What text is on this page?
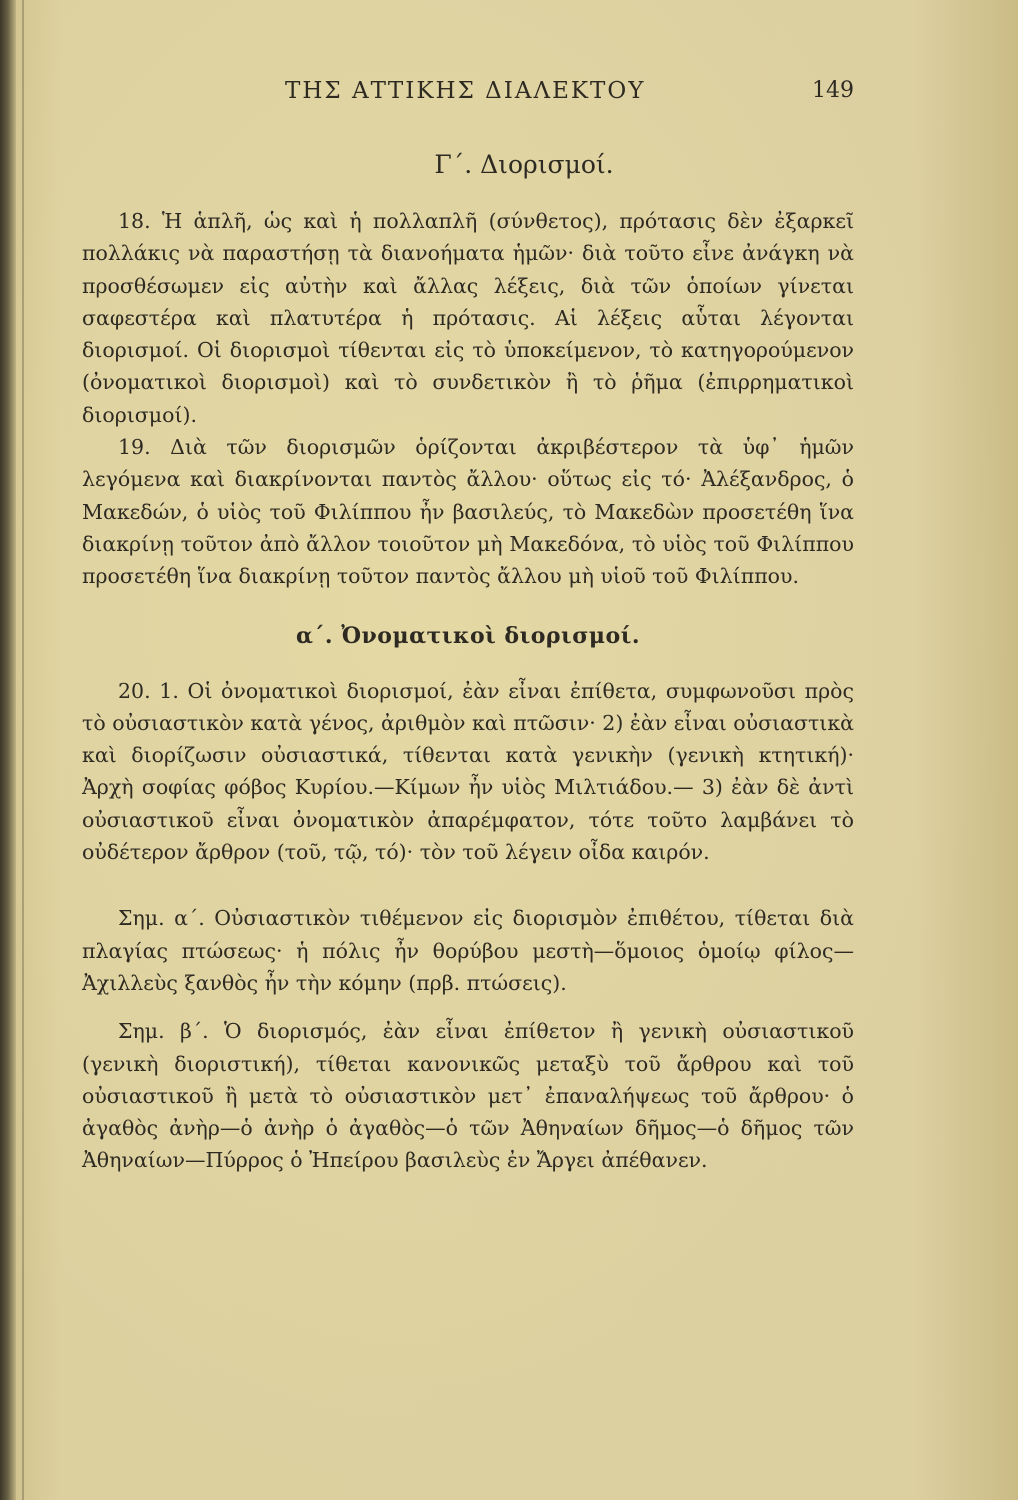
ΤΗΣ ΑΤΤΙΚΗΣ ΔΙΑΛΕΚΤΟΥ	149
Γ΄. Διορισμοί.

18. Ἡ ἁπλῆ, ὡς καὶ ἡ πολλαπλῆ (σύνθετος), πρότασις δὲν ἐξαρκεῖ πολλάκις νὰ παραστήσῃ τὰ διανοήματα ἡμῶν· διὰ τοῦτο εἶνε ἀνάγκη νὰ προσθέσωμεν εἰς αὐτὴν καὶ ἄλλας λέξεις, διὰ τῶν ὁποίων γίνεται σαφεστέρα καὶ πλατυτέρα ἡ πρότασις. Αἱ λέξεις αὗται λέγονται διορισμοί. Οἱ διορισμοὶ τίθενται εἰς τὸ ὑποκείμενον, τὸ κατηγορούμενον (ὀνοματικοὶ διορισμοὶ) καὶ τὸ συνδετικὸν ἢ τὸ ῥῆμα (ἐπιρρηματικοὶ διορισμοί).

19. Διὰ τῶν διορισμῶν ὁρίζονται ἀκριβέστερον τὰ ὑφ᾽ ἡμῶν λεγόμενα καὶ διακρίνονται παντὸς ἄλλου· οὕτως εἰς τό· Ἀλέξανδρος, ὁ Μακεδών, ὁ υἱὸς τοῦ Φιλίππου ἦν βασιλεύς, τὸ Μακεδὼν προσετέθη ἵνα διακρίνῃ τοῦτον ἀπὸ ἄλλον τοιοῦτον μὴ Μακεδόνα, τὸ υἱὸς τοῦ Φιλίππου προσετέθη ἵνα διακρίνῃ τοῦτον παντὸς ἄλλου μὴ υἱοῦ τοῦ Φιλίππου.

α΄. Ὀνοματικοὶ διορισμοί.

20. 1. Οἱ ὀνοματικοὶ διορισμοί, ἐὰν εἶναι ἐπίθετα, συμφωνοῦσι πρὸς τὸ οὐσιαστικὸν κατὰ γένος, ἀριθμὸν καὶ πτῶσιν· 2) ἐὰν εἶναι οὐσιαστικὰ καὶ διορίζωσιν οὐσιαστικά, τίθενται κατὰ γενικὴν (γενικὴ κτητική)· Ἀρχὴ σοφίας φόβος Κυρίου.—Κίμων ἦν υἱὸς Μιλτιάδου.— 3) ἐὰν δὲ ἀντὶ οὐσιαστικοῦ εἶναι ὀνοματικὸν ἀπαρέμφατον, τότε τοῦτο λαμβάνει τὸ οὐδέτερον ἄρθρον (τοῦ, τῷ, τό)· τὸν τοῦ λέγειν οἶδα καιρόν.

Σημ. α΄. Οὐσιαστικὸν τιθέμενον εἰς διορισμὸν ἐπιθέτου, τίθεται διὰ πλαγίας πτώσεως· ἡ πόλις ἦν θορύβου μεστὴ—ὅμοιος ὁμοίῳ φίλος—Ἀχιλλεὺς ξανθὸς ἦν τὴν κόμην (πρβ. πτώσεις).

Σημ. β΄. Ὁ διορισμός, ἐὰν εἶναι ἐπίθετον ἢ γενικὴ οὐσιαστικοῦ (γενικὴ διοριστική), τίθεται κανονικῶς μεταξὺ τοῦ ἄρθρου καὶ τοῦ οὐσιαστικοῦ ἢ μετὰ τὸ οὐσιαστικὸν μετ᾽ ἐπαναλήψεως τοῦ ἄρθρου· ὁ ἀγαθὸς ἀνὴρ—ὁ ἀνὴρ ὁ ἀγαθὸς—ὁ τῶν Ἀθηναίων δῆμος—ὁ δῆμος τῶν Ἀθηναίων—Πύρρος ὁ Ἠπείρου βασιλεὺς ἐν Ἄργει ἀπέθανεν.
